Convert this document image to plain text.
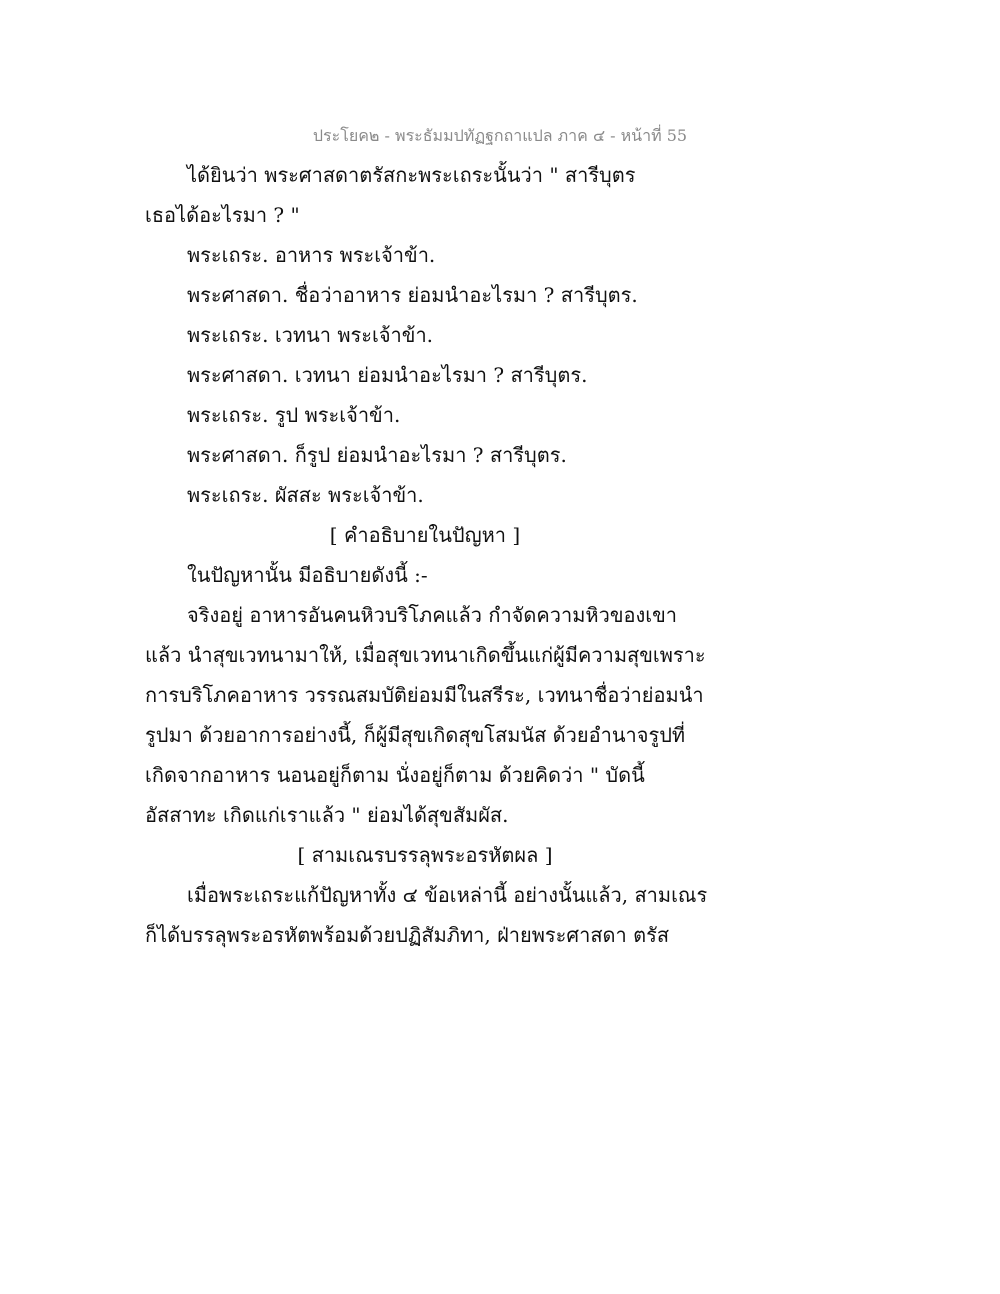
ประโยค๒ - พระธัมมปทัฏฐกถาแปล ภาค ๔ - หน้าที่ 55
ได้ยินว่า พระศาสดาตรัสกะพระเถระนั้นว่า " สารีบุตร
เธอได้อะไรมา ? "
พระเถระ. อาหาร พระเจ้าข้า.
พระศาสดา. ชื่อว่าอาหาร ย่อมนำอะไรมา ? สารีบุตร.
พระเถระ. เวทนา พระเจ้าข้า.
พระศาสดา. เวทนา ย่อมนำอะไรมา ? สารีบุตร.
พระเถระ. รูป พระเจ้าข้า.
พระศาสดา. ก็รูป ย่อมนำอะไรมา ? สารีบุตร.
พระเถระ. ผัสสะ พระเจ้าข้า.
[ คำอธิบายในปัญหา ]
ในปัญหานั้น มีอธิบายดังนี้ :-
จริงอยู่ อาหารอันคนหิวบริโภคแล้ว กำจัดความหิวของเขา
แล้ว นำสุขเวทนามาให้, เมื่อสุขเวทนาเกิดขึ้นแก่ผู้มีความสุขเพราะ
การบริโภคอาหาร วรรณสมบัติย่อมมีในสรีระ, เวทนาชื่อว่าย่อมนำ
รูปมา ด้วยอาการอย่างนี้, ก็ผู้มีสุขเกิดสุขโสมนัส ด้วยอำนาจรูปที่
เกิดจากอาหาร นอนอยู่ก็ตาม นั่งอยู่ก็ตาม ด้วยคิดว่า " บัดนี้
อัสสาทะ เกิดแก่เราแล้ว " ย่อมได้สุขสัมผัส.
[ สามเณรบรรลุพระอรหัตผล ]
เมื่อพระเถระแก้ปัญหาทั้ง ๔ ข้อเหล่านี้ อย่างนั้นแล้ว, สามเณร
ก็ได้บรรลุพระอรหัตพร้อมด้วยปฏิสัมภิทา, ฝ่ายพระศาสดา ตรัส
